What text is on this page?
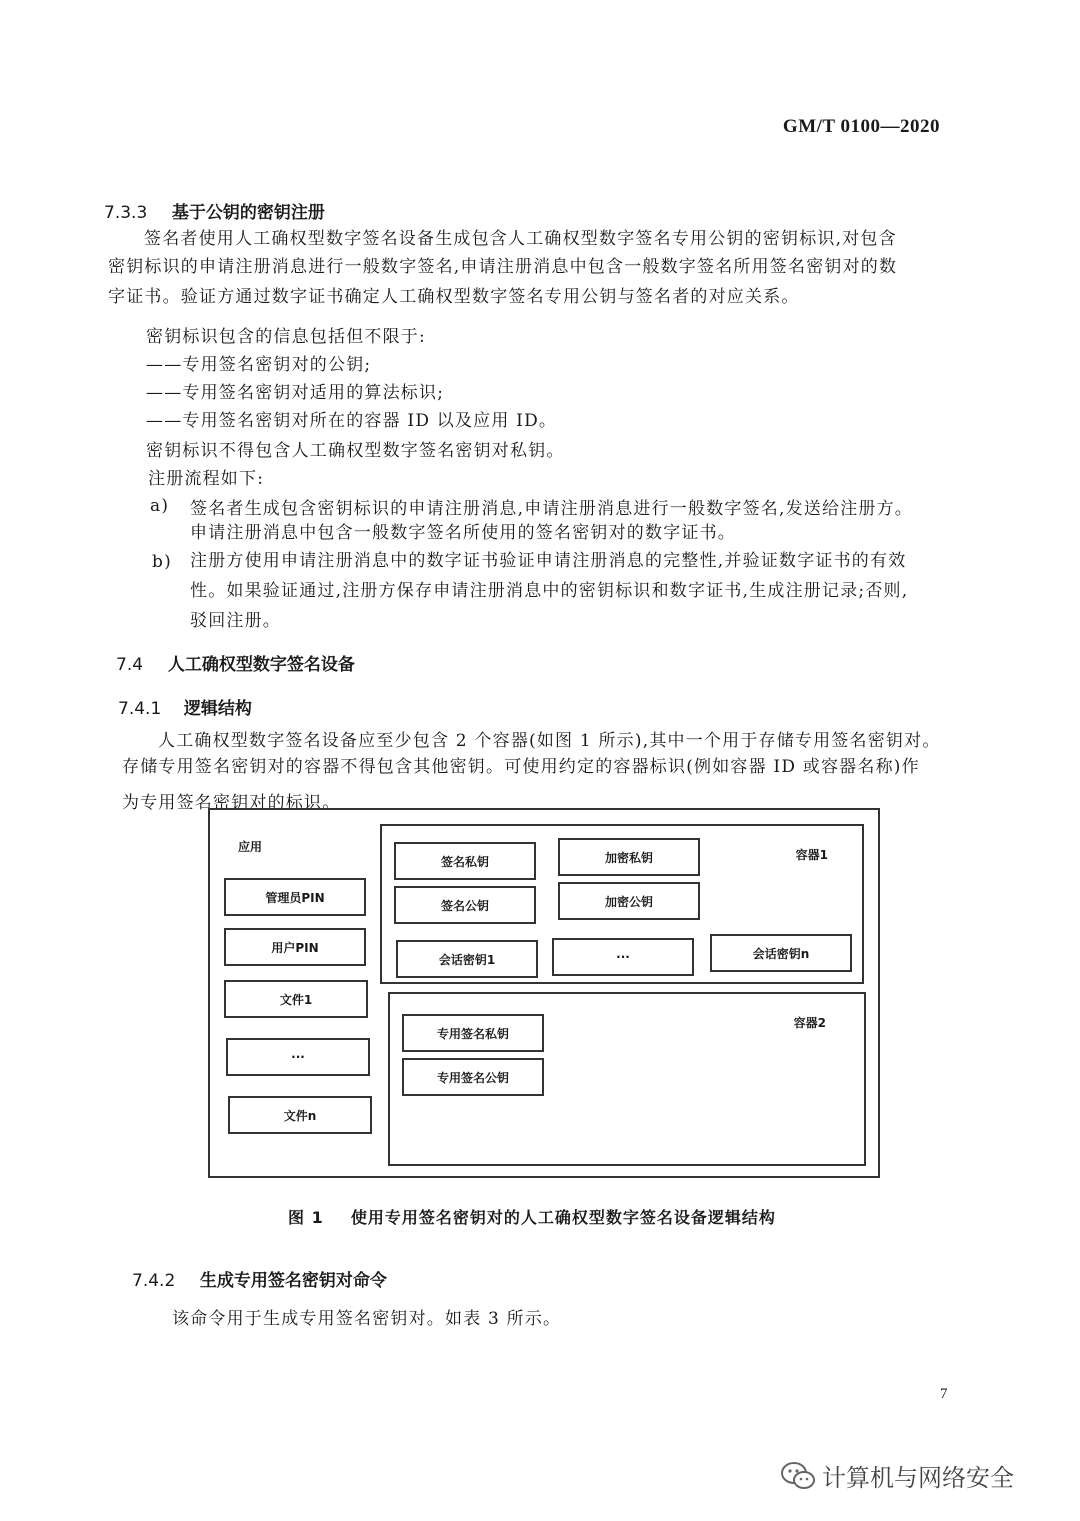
GM/T 0100—2020
7.3.3 基于公钥的密钥注册
签名者使用人工确权型数字签名设备生成包含人工确权型数字签名专用公钥的密钥标识,对包含
密钥标识的申请注册消息进行一般数字签名,申请注册消息中包含一般数字签名所用签名密钥对的数
字证书。验证方通过数字证书确定人工确权型数字签名专用公钥与签名者的对应关系。
密钥标识包含的信息包括但不限于:
——专用签名密钥对的公钥;
——专用签名密钥对适用的算法标识;
——专用签名密钥对所在的容器 ID 以及应用 ID。
密钥标识不得包含人工确权型数字签名密钥对私钥。
注册流程如下:
a) 签名者生成包含密钥标识的申请注册消息,申请注册消息进行一般数字签名,发送给注册方。
申请注册消息中包含一般数字签名所使用的签名密钥对的数字证书。
b) 注册方使用申请注册消息中的数字证书验证申请注册消息的完整性,并验证数字证书的有效
性。如果验证通过,注册方保存申请注册消息中的密钥标识和数字证书,生成注册记录;否则,
驳回注册。
7.4 人工确权型数字签名设备
7.4.1 逻辑结构
人工确权型数字签名设备应至少包含 2 个容器(如图 1 所示),其中一个用于存储专用签名密钥对。
存储专用签名密钥对的容器不得包含其他密钥。可使用约定的容器标识(例如容器 ID 或容器名称)作
为专用签名密钥对的标识。
应用
管理员PIN
用户PIN
文件1
···
文件n
容器1
签名私钥	加密私钥
签名公钥	加密公钥
会话密钥1	···	会话密钥n
容器2
专用签名私钥
专用签名公钥
图 1 使用专用签名密钥对的人工确权型数字签名设备逻辑结构
7.4.2 生成专用签名密钥对命令
该命令用于生成专用签名密钥对。如表 3 所示。
7
计算机与网络安全
